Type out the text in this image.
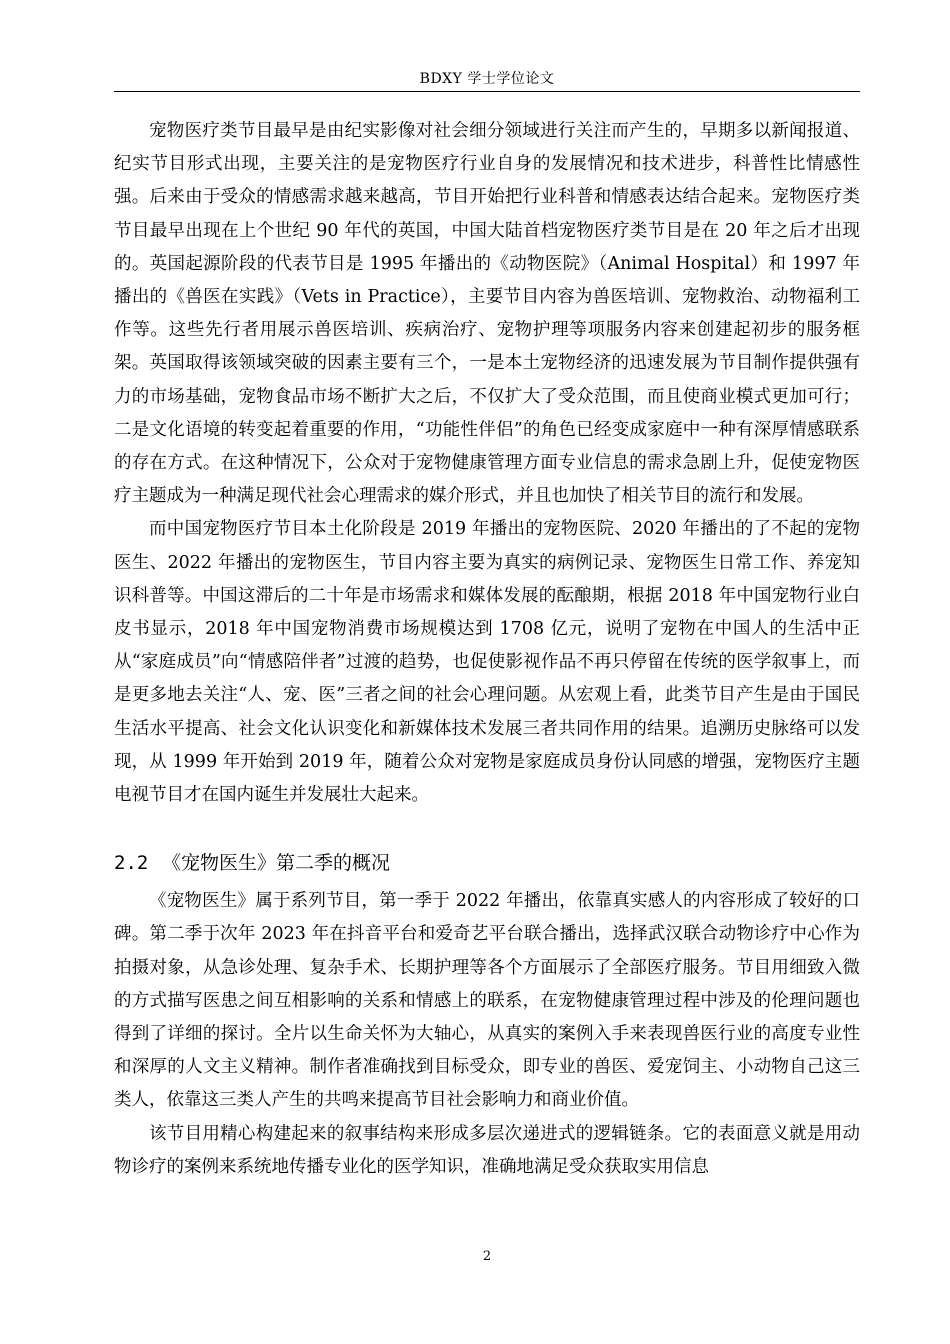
BDXY 学士学位论文

宠物医疗类节目最早是由纪实影像对社会细分领域进行关注而产生的，早期多以新闻报道、纪实节目形式出现，主要关注的是宠物医疗行业自身的发展情况和技术进步，科普性比情感性强。后来由于受众的情感需求越来越高，节目开始把行业科普和情感表达结合起来。宠物医疗类节目最早出现在上个世纪 90 年代的英国，中国大陆首档宠物医疗类节目是在 20 年之后才出现的。英国起源阶段的代表节目是 1995 年播出的《动物医院》（Animal Hospital）和 1997 年播出的《兽医在实践》（Vets in Practice），主要节目内容为兽医培训、宠物救治、动物福利工作等。这些先行者用展示兽医培训、疾病治疗、宠物护理等项服务内容来创建起初步的服务框架。英国取得该领域突破的因素主要有三个，一是本土宠物经济的迅速发展为节目制作提供强有力的市场基础，宠物食品市场不断扩大之后，不仅扩大了受众范围，而且使商业模式更加可行；二是文化语境的转变起着重要的作用，“功能性伴侣”的角色已经变成家庭中一种有深厚情感联系的存在方式。在这种情况下，公众对于宠物健康管理方面专业信息的需求急剧上升，促使宠物医疗主题成为一种满足现代社会心理需求的媒介形式，并且也加快了相关节目的流行和发展。

而中国宠物医疗节目本土化阶段是 2019 年播出的宠物医院、2020 年播出的了不起的宠物医生、2022 年播出的宠物医生，节目内容主要为真实的病例记录、宠物医生日常工作、养宠知识科普等。中国这滞后的二十年是市场需求和媒体发展的酝酿期，根据 2018 年中国宠物行业白皮书显示，2018 年中国宠物消费市场规模达到 1708 亿元，说明了宠物在中国人的生活中正从“家庭成员”向“情感陪伴者”过渡的趋势，也促使影视作品不再只停留在传统的医学叙事上，而是更多地去关注“人、宠、医”三者之间的社会心理问题。从宏观上看，此类节目产生是由于国民生活水平提高、社会文化认识变化和新媒体技术发展三者共同作用的结果。追溯历史脉络可以发现，从 1999 年开始到 2019 年，随着公众对宠物是家庭成员身份认同感的增强，宠物医疗主题电视节目才在国内诞生并发展壮大起来。

2.2 《宠物医生》第二季的概况

《宠物医生》属于系列节目，第一季于 2022 年播出，依靠真实感人的内容形成了较好的口碑。第二季于次年 2023 年在抖音平台和爱奇艺平台联合播出，选择武汉联合动物诊疗中心作为拍摄对象，从急诊处理、复杂手术、长期护理等各个方面展示了全部医疗服务。节目用细致入微的方式描写医患之间互相影响的关系和情感上的联系，在宠物健康管理过程中涉及的伦理问题也得到了详细的探讨。全片以生命关怀为大轴心，从真实的案例入手来表现兽医行业的高度专业性和深厚的人文主义精神。制作者准确找到目标受众，即专业的兽医、爱宠饲主、小动物自己这三类人，依靠这三类人产生的共鸣来提高节目社会影响力和商业价值。

该节目用精心构建起来的叙事结构来形成多层次递进式的逻辑链条。它的表面意义就是用动物诊疗的案例来系统地传播专业化的医学知识，准确地满足受众获取实用信息

2
